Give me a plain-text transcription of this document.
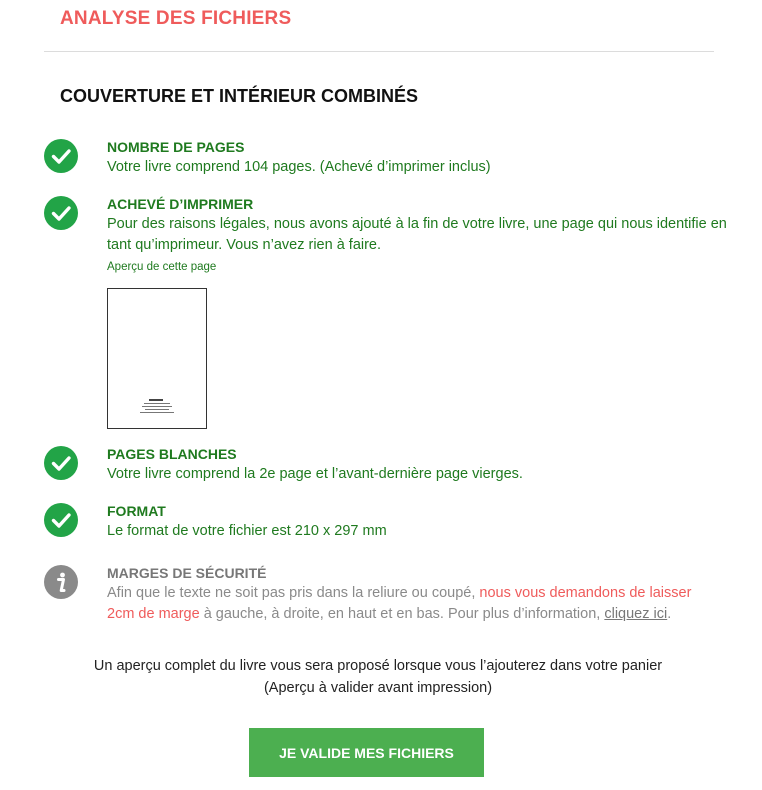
ANALYSE DES FICHIERS
COUVERTURE ET INTÉRIEUR COMBINÉS
NOMBRE DE PAGES
Votre livre comprend 104 pages. (Achevé d’imprimer inclus)
ACHEVÉ D’IMPRIMER
Pour des raisons légales, nous avons ajouté à la fin de votre livre, une page qui nous identifie en tant qu’imprimeur. Vous n’avez rien à faire.
Aperçu de cette page
PAGES BLANCHES
Votre livre comprend la 2e page et l’avant-dernière page vierges.
FORMAT
Le format de votre fichier est 210 x 297 mm
MARGES DE SÉCURITÉ
Afin que le texte ne soit pas pris dans la reliure ou coupé, nous vous demandons de laisser 2cm de marge à gauche, à droite, en haut et en bas. Pour plus d’information, cliquez ici.
Un aperçu complet du livre vous sera proposé lorsque vous l’ajouterez dans votre panier
(Aperçu à valider avant impression)
JE VALIDE MES FICHIERS
